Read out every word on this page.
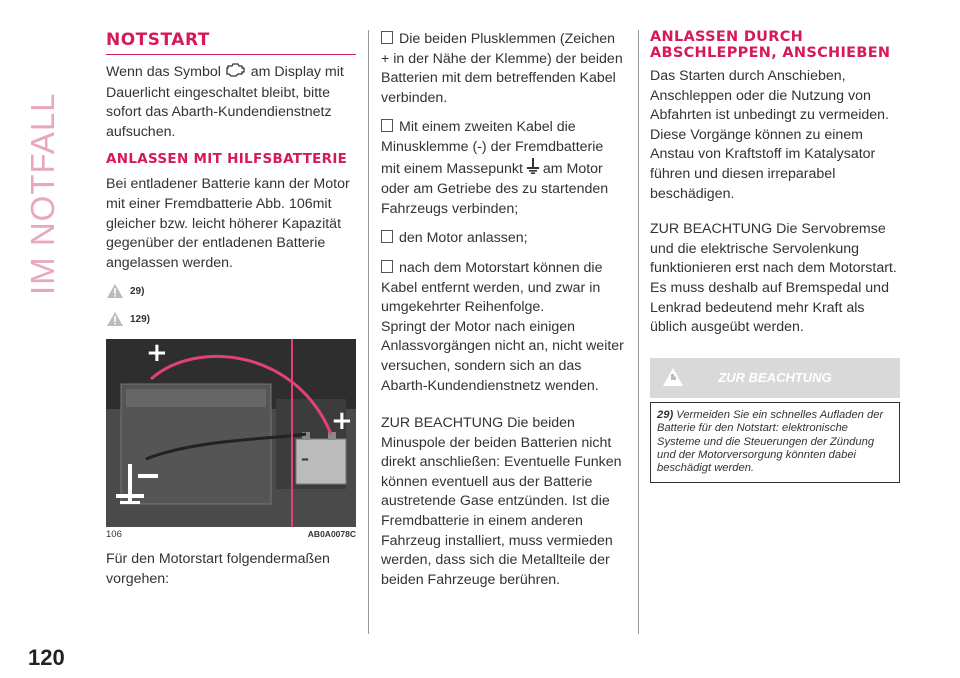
IM NOTFALL
120
NOTSTART

Wenn das Symbol am Display mit Dauerlicht eingeschaltet bleibt, bitte sofort das Abarth-Kundendienstnetz aufsuchen.

ANLASSEN MIT HILFSBATTERIE

Bei entladener Batterie kann der Motor mit einer Fremdbatterie Abb. 106mit gleicher bzw. leicht höherer Kapazität gegenüber der entladenen Batterie angelassen werden.

29)
129)
+
+
–
106	AB0A0078C

Für den Motorstart folgendermaßen vorgehen:

Die beiden Plusklemmen (Zeichen + in der Nähe der Klemme) der beiden Batterien mit dem betreffenden Kabel verbinden.

Mit einem zweiten Kabel die Minusklemme (-) der Fremdbatterie mit einem Massepunkt am Motor oder am Getriebe des zu startenden Fahrzeugs verbinden;

den Motor anlassen;

nach dem Motorstart können die Kabel entfernt werden, und zwar in umgekehrter Reihenfolge.

Springt der Motor nach einigen Anlassvorgängen nicht an, nicht weiter versuchen, sondern sich an das Abarth-Kundendienstnetz wenden.

ZUR BEACHTUNG Die beiden Minuspole der beiden Batterien nicht direkt anschließen: Eventuelle Funken können eventuell aus der Batterie austretende Gase entzünden. Ist die Fremdbatterie in einem anderen Fahrzeug installiert, muss vermieden werden, dass sich die Metallteile der beiden Fahrzeuge berühren.

ANLASSEN DURCH ABSCHLEPPEN, ANSCHIEBEN

Das Starten durch Anschieben, Anschleppen oder die Nutzung von Abfahrten ist unbedingt zu vermeiden. Diese Vorgänge können zu einem Anstau von Kraftstoff im Katalysator führen und diesen irreparabel beschädigen.

ZUR BEACHTUNG Die Servobremse und die elektrische Servolenkung funktionieren erst nach dem Motorstart. Es muss deshalb auf Bremspedal und Lenkrad bedeutend mehr Kraft als üblich ausgeübt werden.

ZUR BEACHTUNG
29) Vermeiden Sie ein schnelles Aufladen der Batterie für den Notstart: elektronische Systeme und die Steuerungen der Zündung und der Motorversorgung könnten dabei beschädigt werden.
